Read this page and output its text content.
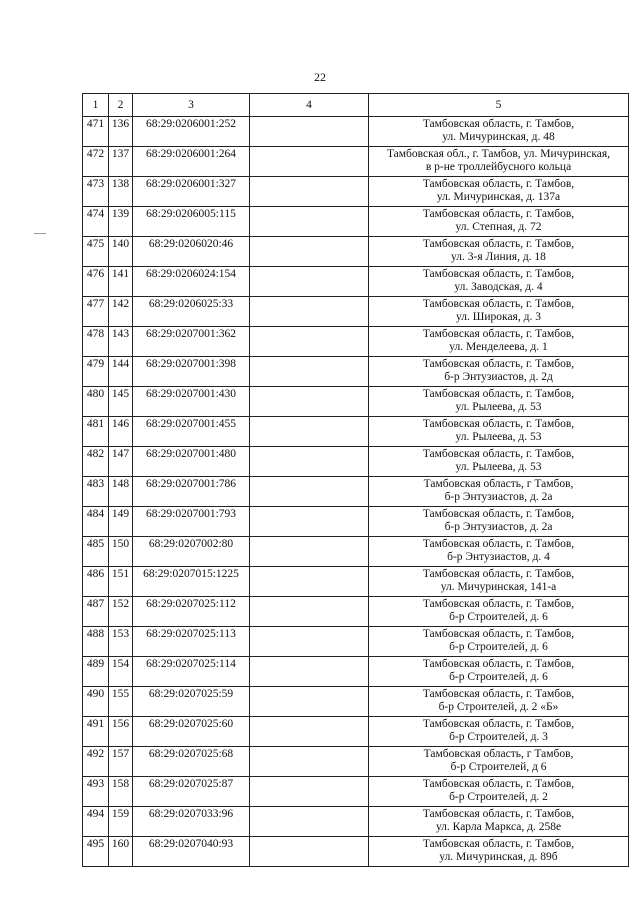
22
1	2	3	4	5
471	136	68:29:0206001:252		Тамбовская область, г. Тамбов,
ул. Мичуринская, д. 48

472	137	68:29:0206001:264		Тамбовская обл., г. Тамбов, ул. Мичуринская,
в р-не троллейбусного кольца

473	138	68:29:0206001:327		Тамбовская область, г. Тамбов,
ул. Мичуринская, д. 137а

474	139	68:29:0206005:115		Тамбовская область, г. Тамбов,
ул. Степная, д. 72

475	140	68:29:0206020:46		Тамбовская область, г. Тамбов,
ул. 3-я Линия, д. 18

476	141	68:29:0206024:154		Тамбовская область, г. Тамбов,
ул. Заводская, д. 4

477	142	68:29:0206025:33		Тамбовская область, г. Тамбов,
ул. Широкая, д. 3

478	143	68:29:0207001:362		Тамбовская область, г. Тамбов,
ул. Менделеева, д. 1

479	144	68:29:0207001:398		Тамбовская область, г. Тамбов,
б-р Энтузиастов, д. 2д

480	145	68:29:0207001:430		Тамбовская область, г. Тамбов,
ул. Рылеева, д. 53

481	146	68:29:0207001:455		Тамбовская область, г. Тамбов,
ул. Рылеева, д. 53

482	147	68:29:0207001:480		Тамбовская область, г. Тамбов,
ул. Рылеева, д. 53

483	148	68:29:0207001:786		Тамбовская область, г Тамбов,
б-р Энтузиастов, д. 2а

484	149	68:29:0207001:793		Тамбовская область, г. Тамбов,
б-р Энтузиастов, д. 2а

485	150	68:29:0207002:80		Тамбовская область, г. Тамбов,
б-р Энтузиастов, д. 4

486	151	68:29:0207015:1225		Тамбовская область, г. Тамбов,
ул. Мичуринская, 141-а

487	152	68:29:0207025:112		Тамбовская область, г. Тамбов,
б-р Строителей, д. 6

488	153	68:29:0207025:113		Тамбовская область, г. Тамбов,
б-р Строителей, д. 6

489	154	68:29:0207025:114		Тамбовская область, г. Тамбов,
б-р Строителей, д. 6

490	155	68:29:0207025:59		Тамбовская область, г. Тамбов,
б-р Строителей, д. 2 «Б»

491	156	68:29:0207025:60		Тамбовская область, г. Тамбов,
б-р Строителей, д. 3

492	157	68:29:0207025:68		Тамбовская область, г Тамбов,
б-р Строителей, д 6

493	158	68:29:0207025:87		Тамбовская область, г. Тамбов,
б-р Строителей, д. 2

494	159	68:29:0207033:96		Тамбовская область, г. Тамбов,
ул. Карла Маркса, д. 258е

495	160	68:29:0207040:93		Тамбовская область, г. Тамбов,
ул. Мичуринская, д. 89б
